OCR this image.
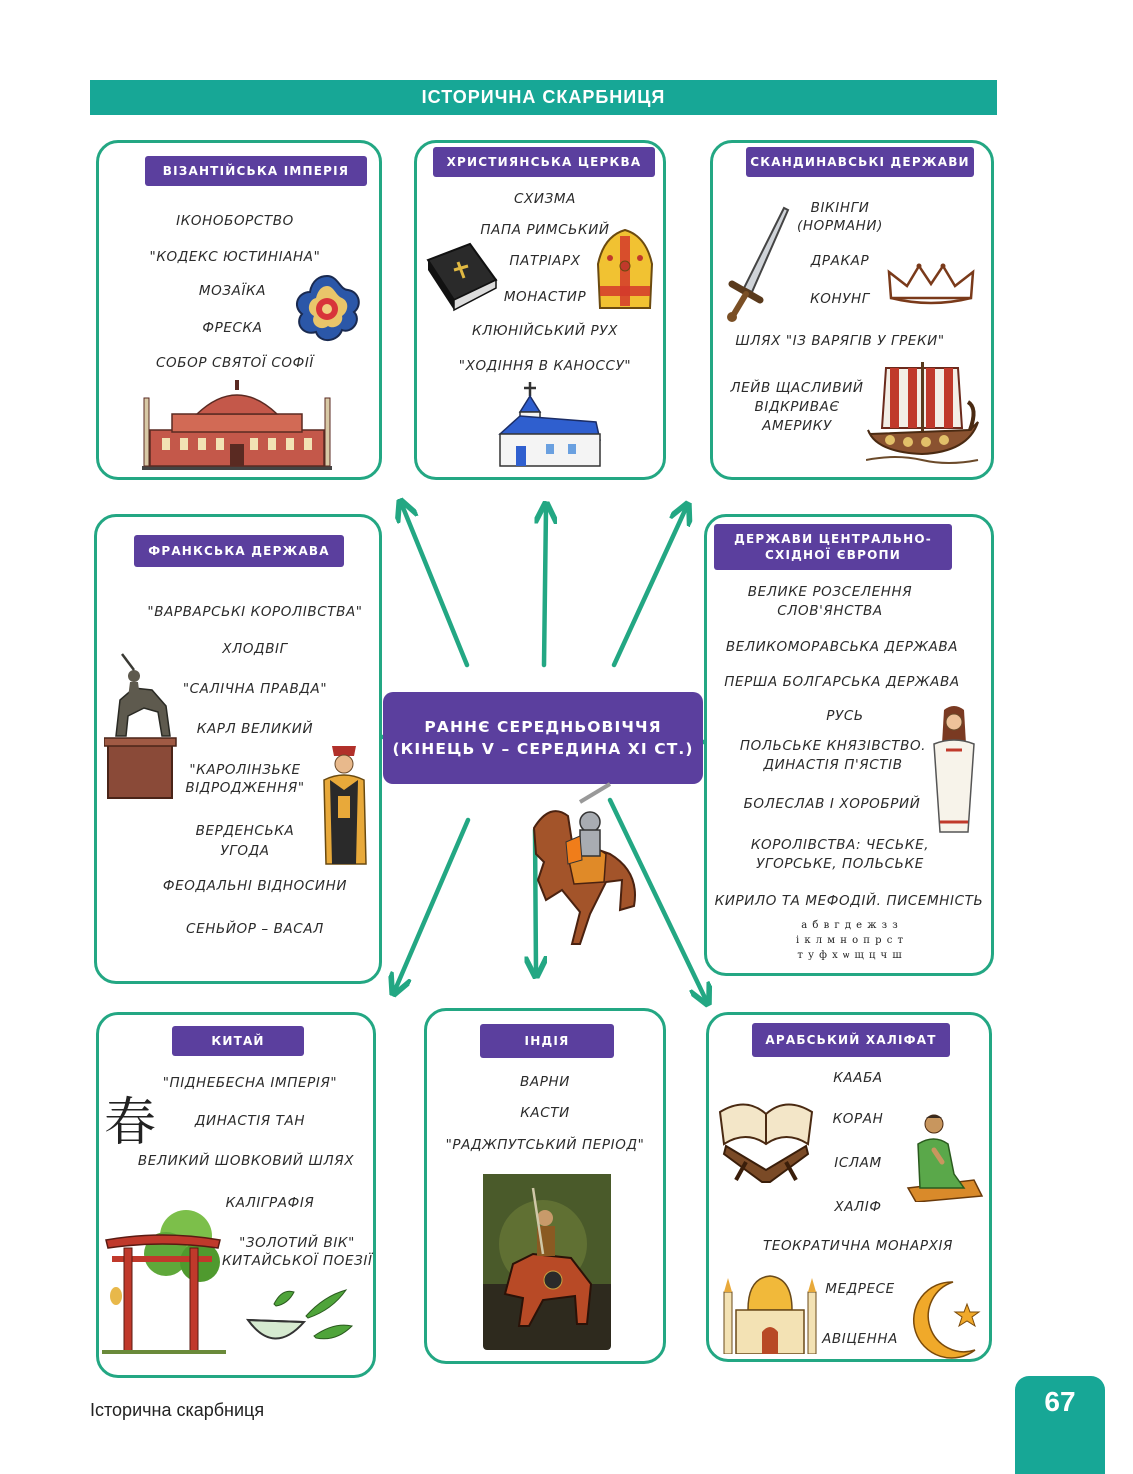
ІСТОРИЧНА СКАРБНИЦЯ
ВІЗАНТІЙСЬКА ІМПЕРІЯ
ІКОНОБОРСТВО
"КОДЕКС ЮСТИНІАНА"
МОЗАЇКА
ФРЕСКА
СОБОР СВЯТОЇ СОФІЇ
ХРИСТИЯНСЬКА ЦЕРКВА
СХИЗМА
ПАПА РИМСЬКИЙ
ПАТРІАРХ
МОНАСТИР
КЛЮНІЙСЬКИЙ РУХ
"ХОДІННЯ В КАНОССУ"
СКАНДИНАВСЬКІ ДЕРЖАВИ
ВІКІНГИ
(НОРМАНИ)
ДРАКАР
КОНУНГ
ШЛЯХ "ІЗ ВАРЯГІВ У ГРЕКИ"
ЛЕЙВ ЩАСЛИВИЙ
ВІДКРИВАЄ
АМЕРИКУ
ФРАНКСЬКА ДЕРЖАВА
"ВАРВАРСЬКІ КОРОЛІВСТВА"
ХЛОДВІГ
"САЛІЧНА ПРАВДА"
КАРЛ ВЕЛИКИЙ
"КАРОЛІНЗЬКЕ
ВІДРОДЖЕННЯ"
ВЕРДЕНСЬКА
УГОДА
ФЕОДАЛЬНІ ВІДНОСИНИ
СЕНЬЙОР – ВАСАЛ
ДЕРЖАВИ ЦЕНТРАЛЬНО-
СХІДНОЇ ЄВРОПИ
ВЕЛИКЕ РОЗСЕЛЕННЯ
СЛОВ'ЯНСТВА
ВЕЛИКОМОРАВСЬКА ДЕРЖАВА
ПЕРША БОЛГАРСЬКА ДЕРЖАВА
РУСЬ
ПОЛЬСЬКЕ КНЯЗІВСТВО.
ДИНАСТІЯ П'ЯСТІВ
БОЛЕСЛАВ І ХОРОБРИЙ
КОРОЛІВСТВА: ЧЕСЬКЕ,
УГОРСЬКЕ, ПОЛЬСЬКЕ
КИРИЛО ТА МЕФОДІЙ. ПИСЕМНІСТЬ
а б в г д е ж з з
і к л м н о п р с т
т у ф х ѡ щ ц ч ш
РАННЄ СЕРЕДНЬОВІЧЧЯ
(КІНЕЦЬ V – СЕРЕДИНА XI СТ.)
КИТАЙ
春
"ПІДНЕБЕСНА ІМПЕРІЯ"
ДИНАСТІЯ ТАН
ВЕЛИКИЙ ШОВКОВИЙ ШЛЯХ
КАЛІГРАФІЯ
"ЗОЛОТИЙ ВІК"
КИТАЙСЬКОЇ ПОЕЗІЇ
ІНДІЯ
ВАРНИ
КАСТИ
"РАДЖПУТСЬКИЙ ПЕРІОД"
АРАБСЬКИЙ ХАЛІФАТ
КААБА
КОРАН
ІСЛАМ
ХАЛІФ
ТЕОКРАТИЧНА МОНАРХІЯ
МЕДРЕСЕ
АВІЦЕННА
Історична скарбниця	67
